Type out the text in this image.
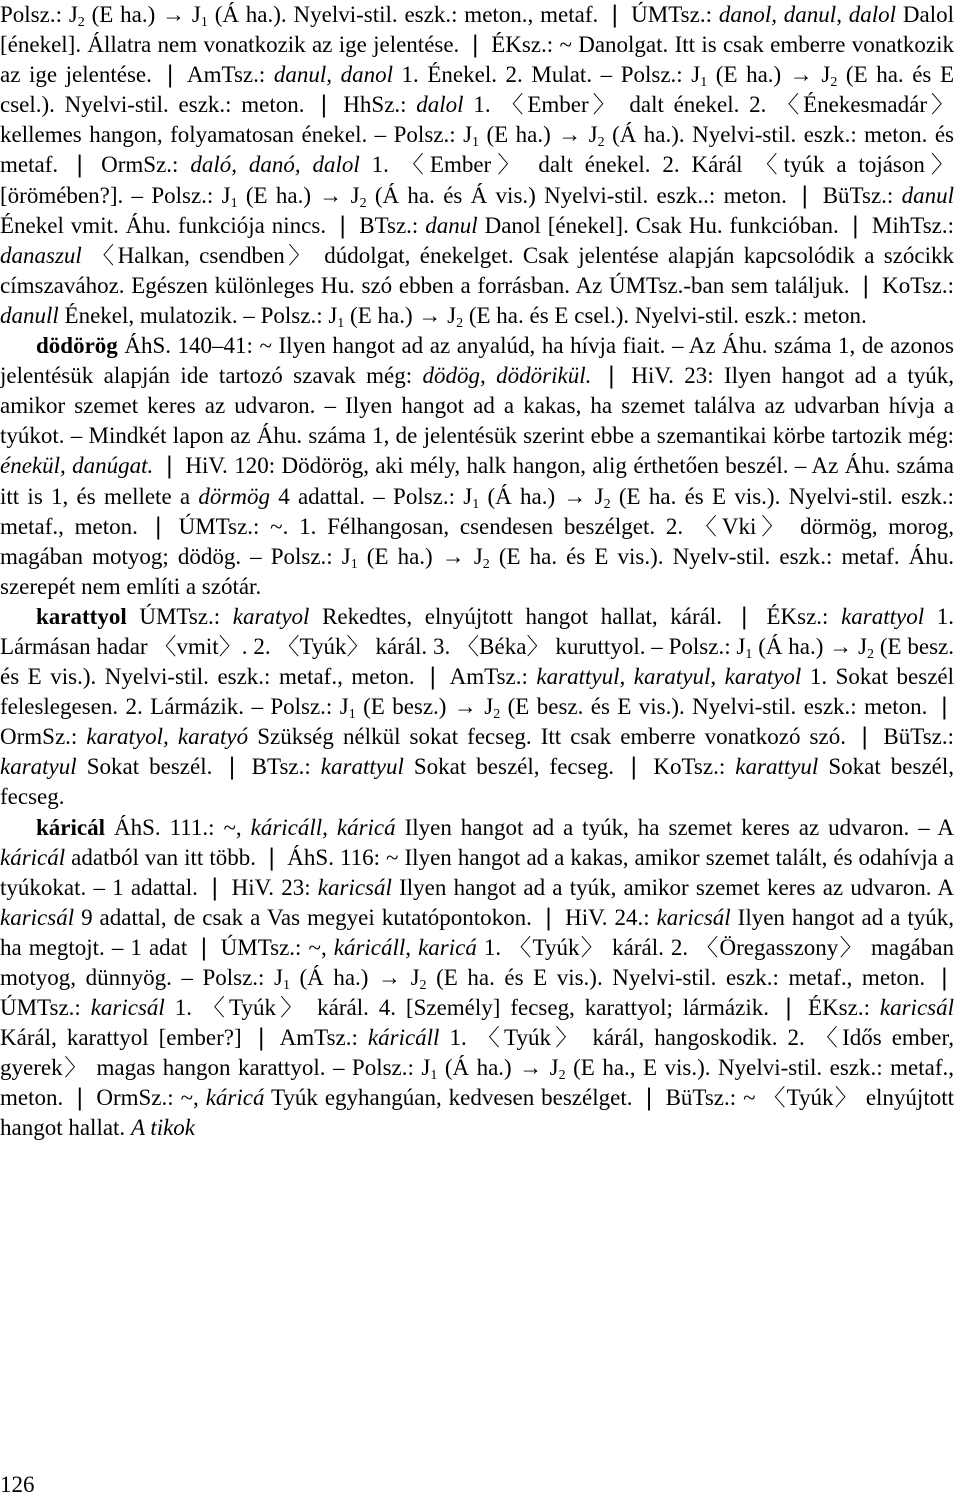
Polsz.: $J_2$ (E $ha.) \to J_1$ (Á ha.). Nyelvi-stil. eszk.: meton., metaf. ❘ ÚMTsz.: danol, danul, dalol Dalol [énekel]. Állatra nem vonatkozik az ige jelentése. ❘ ÉKsz.: ~ Danolgat. Itt is csak emberre vonatkozik az ige jelentése. ❘ AmTsz.: danul, danol 1. Énekel. 2. Mulat. – Polsz.: $J_1$ (E $ha.) \to J_2$ (E ha. és E csel.). Nyelvi-stil. eszk.: meton. ❘ HhSz.: dalol 1. 〈Ember〉 dalt énekel. 2. 〈Énekesmadár〉 kellemes hangon, folyamatosan énekel. – Polsz.: $J_1$ (E $ha.) \to J_2$ (Á ha.). Nyelvi-stil. eszk.: meton. és metaf. ❘ OrmSz.: daló, danó, dalol 1. 〈Ember〉 dalt énekel. 2. Kárál 〈tyúk a tojáson〉 [örömében?]. – Polsz.: $J_1$ (E $ha.) \to J_2$ (Á ha. és Á vis.) Nyelvi-stil. eszk..: meton. ❘ BüTsz.: danul Énekel vmit. Áhu. funkciója nincs. ❘ BTsz.: danul Danol [énekel]. Csak Hu. funkcióban. ❘ MihTsz.: danaszul 〈Halkan, csendben〉 dúdolgat, énekelget. Csak jelentése alapján kapcsolódik a szócikk címszavához. Egészen különleges Hu. szó ebben a forrásban. Az ÚMTsz.-ban sem találjuk. ❘ KoTsz.: danull Énekel, mulatozik. – Polsz.: $J_1$ (E $ha.) \to J_2$ (E ha. és E csel.). Nyelvi-stil. eszk.: meton.

dödörög ÁhS. 140–41: ~ Ilyen hangot ad az anyalúd, ha hívja fiait. – Az Áhu. száma 1, de azonos jelentésük alapján ide tartozó szavak még: dödög, dödörikül. ❘ HiV. 23: Ilyen hangot ad a tyúk, amikor szemet keres az udvaron. – Ilyen hangot ad a kakas, ha szemet találva az udvarban hívja a tyúkot. – Mindkét lapon az Áhu. száma 1, de jelentésük szerint ebbe a szemantikai körbe tartozik még: énekül, danúgat. ❘ HiV. 120: Dödörög, aki mély, halk hangon, alig érthetően beszél. – Az Áhu. száma itt is 1, és mellete a dörmög 4 adattal. – Polsz.: $J_1$ (Á $ha.) \to J_2$ (E ha. és E vis.). Nyelvi-stil. eszk.: metaf., meton. ❘ ÚMTsz.: ~. 1. Félhangosan, csendesen beszélget. 2. 〈Vki〉 dörmög, morog, magában motyog; dödög. – Polsz.: $J_1$ (E $ha.) \to J_2$ (E ha. és E vis.). Nyelv-stil. eszk.: metaf. Áhu. szerepét nem említi a szótár.

karattyol ÚMTsz.: karatyol Rekedtes, elnyújtott hangot hallat, kárál. ❘ ÉKsz.: karattyol 1. Lármásan hadar 〈vmit〉. 2. 〈Tyúk〉 kárál. 3. 〈Béka〉 kuruttyol. – Polsz.: $J_1$ (Á $ha.) \to J_2$ (E besz. és E vis.). Nyelvi-stil. eszk.: metaf., meton. ❘ AmTsz.: karattyul, karatyul, karatyol 1. Sokat beszél feleslegesen. 2. Lármázik. – Polsz.: $J_1$ (E besz.) → $J_2$ (E besz. és E vis.). Nyelvi-stil. eszk.: meton. ❘ OrmSz.: karatyol, karatyó Szükség nélkül sokat fecseg. Itt csak emberre vonatkozó szó. ❘ BüTsz.: karatyul Sokat beszél. ❘ BTsz.: karattyul Sokat beszél, fecseg. ❘ KoTsz.: karattyul Sokat beszél, fecseg.

káricál ÁhS. 111.: ~, káricáll, káricá Ilyen hangot ad a tyúk, ha szemet keres az udvaron. – A káricál adatból van itt több. ❘ ÁhS. 116: ~ Ilyen hangot ad a kakas, amikor szemet talált, és odahívja a tyúkokat. – 1 adattal. ❘ HiV. 23: karicsál Ilyen hangot ad a tyúk, amikor szemet keres az udvaron. A karicsál 9 adattal, de csak a Vas megyei kutatópontokon. ❘ HiV. 24.: karicsál Ilyen hangot ad a tyúk, ha megtojt. – 1 adat ❘ ÚMTsz.: ~, káricáll, karicá 1. 〈Tyúk〉 kárál. 2. 〈Öregasszony〉 magában motyog, dünnyög. – Polsz.: $J_1$ (Á $ha.) \to J_2$ (E ha. és E vis.). Nyelvi-stil. eszk.: metaf., meton. ❘ ÚMTsz.: karicsál 1. 〈Tyúk〉 kárál. 4. [Személy] fecseg, karattyol; lármázik. ❘ ÉKsz.: karicsál Kárál, karattyol [ember?] ❘ AmTsz.: káricáll 1. 〈Tyúk〉 kárál, hangoskodik. 2. 〈Idős ember, gyerek〉 magas hangon karattyol. – Polsz.: $J_1$ (Á $ha.) \to J_2$ (E ha., E vis.). Nyelvi-stil. eszk.: metaf., meton. ❘ OrmSz.: ~, káricá Tyúk egyhangúan, kedvesen beszélget. ❘ BüTsz.: ~ 〈Tyúk〉 elnyújtott hangot hallat. A tikok

126
